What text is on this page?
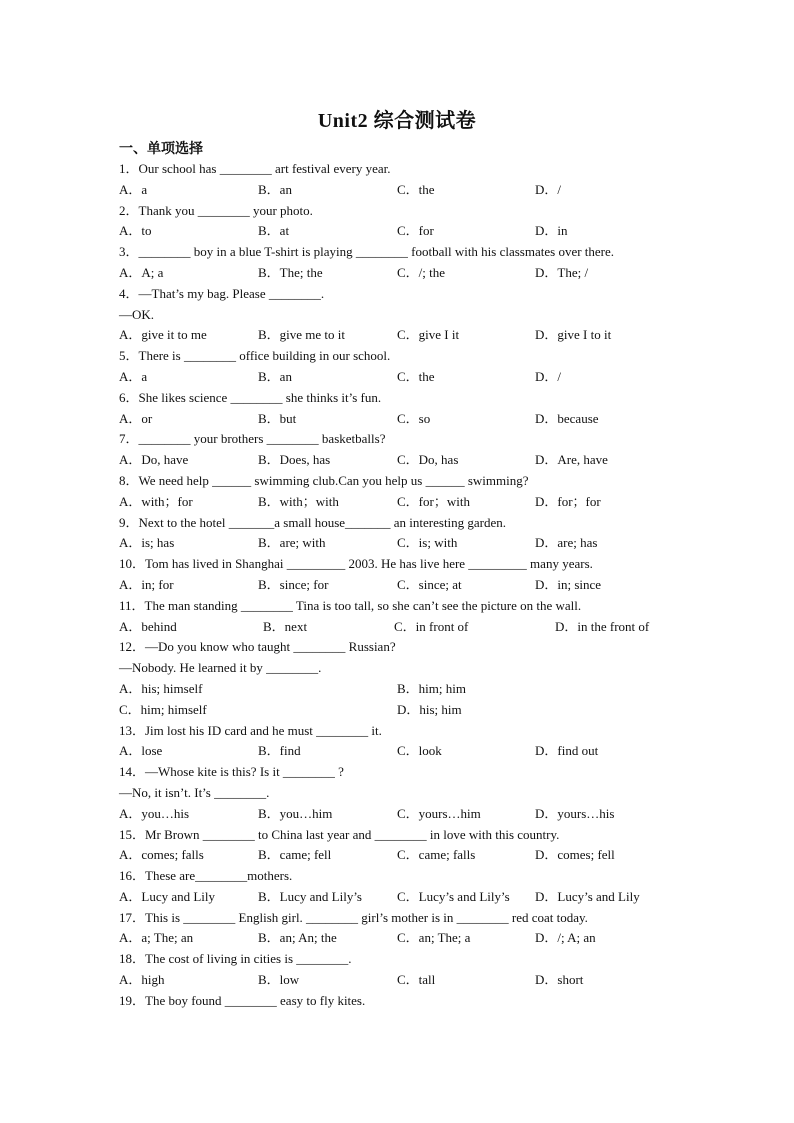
Unit2 综合测试卷
一、单项选择
1．Our school has ________ art festival every year.
A．a	B．an	C．the	D．/
2．Thank you ________ your photo.
A．to	B．at	C．for	D．in
3．________ boy in a blue T-shirt is playing ________ football with his classmates over there.
A．A; a	B．The; the	C．/; the	D．The; /
4．—That’s my bag. Please ________.
—OK.
A．give it to me	B．give me to it	C．give I it	D．give I to it
5．There is ________ office building in our school.
A．a	B．an	C．the	D．/
6．She likes science ________ she thinks it’s fun.
A．or	B．but	C．so	D．because
7．________ your brothers ________ basketballs?
A．Do, have	B．Does, has	C．Do, has	D．Are, have
8．We need help ______ swimming club.Can you help us ______ swimming?
A．with；for	B．with；with	C．for；with	D．for；for
9．Next to the hotel _______a small house_______ an interesting garden.
A．is; has	B．are; with	C．is; with	D．are; has
10．Tom has lived in Shanghai _________ 2003. He has live here _________ many years.
A．in; for	B．since; for	C．since; at	D．in; since
11．The man standing ________ Tina is too tall, so she can’t see the picture on the wall.
A．behind	B．next	C．in front of	D．in the front of
12．—Do you know who taught ________ Russian?
—Nobody. He learned it by ________.
A．his; himself	B．him; him
C．him; himself	D．his; him
13．Jim lost his ID card and he must ________ it.
A．lose	B．find	C．look	D．find out
14．—Whose kite is this? Is it ________ ?
—No, it isn’t. It’s ________.
A．you…his	B．you…him	C．yours…him	D．yours…his
15．Mr Brown ________ to China last year and ________ in love with this country.
A．comes; falls	B．came; fell	C．came; falls	D．comes; fell
16．These are________mothers.
A．Lucy and Lily	B．Lucy and Lily’s	C．Lucy’s and Lily’s D．Lucy’s and Lily
17．This is ________ English girl. ________ girl’s mother is in ________ red coat today.
A．a; The; an	B．an; An; the	C．an; The; a	D．/; A; an
18．The cost of living in cities is ________.
A．high	B．low	C．tall	D．short
19．The boy found ________ easy to fly kites.
